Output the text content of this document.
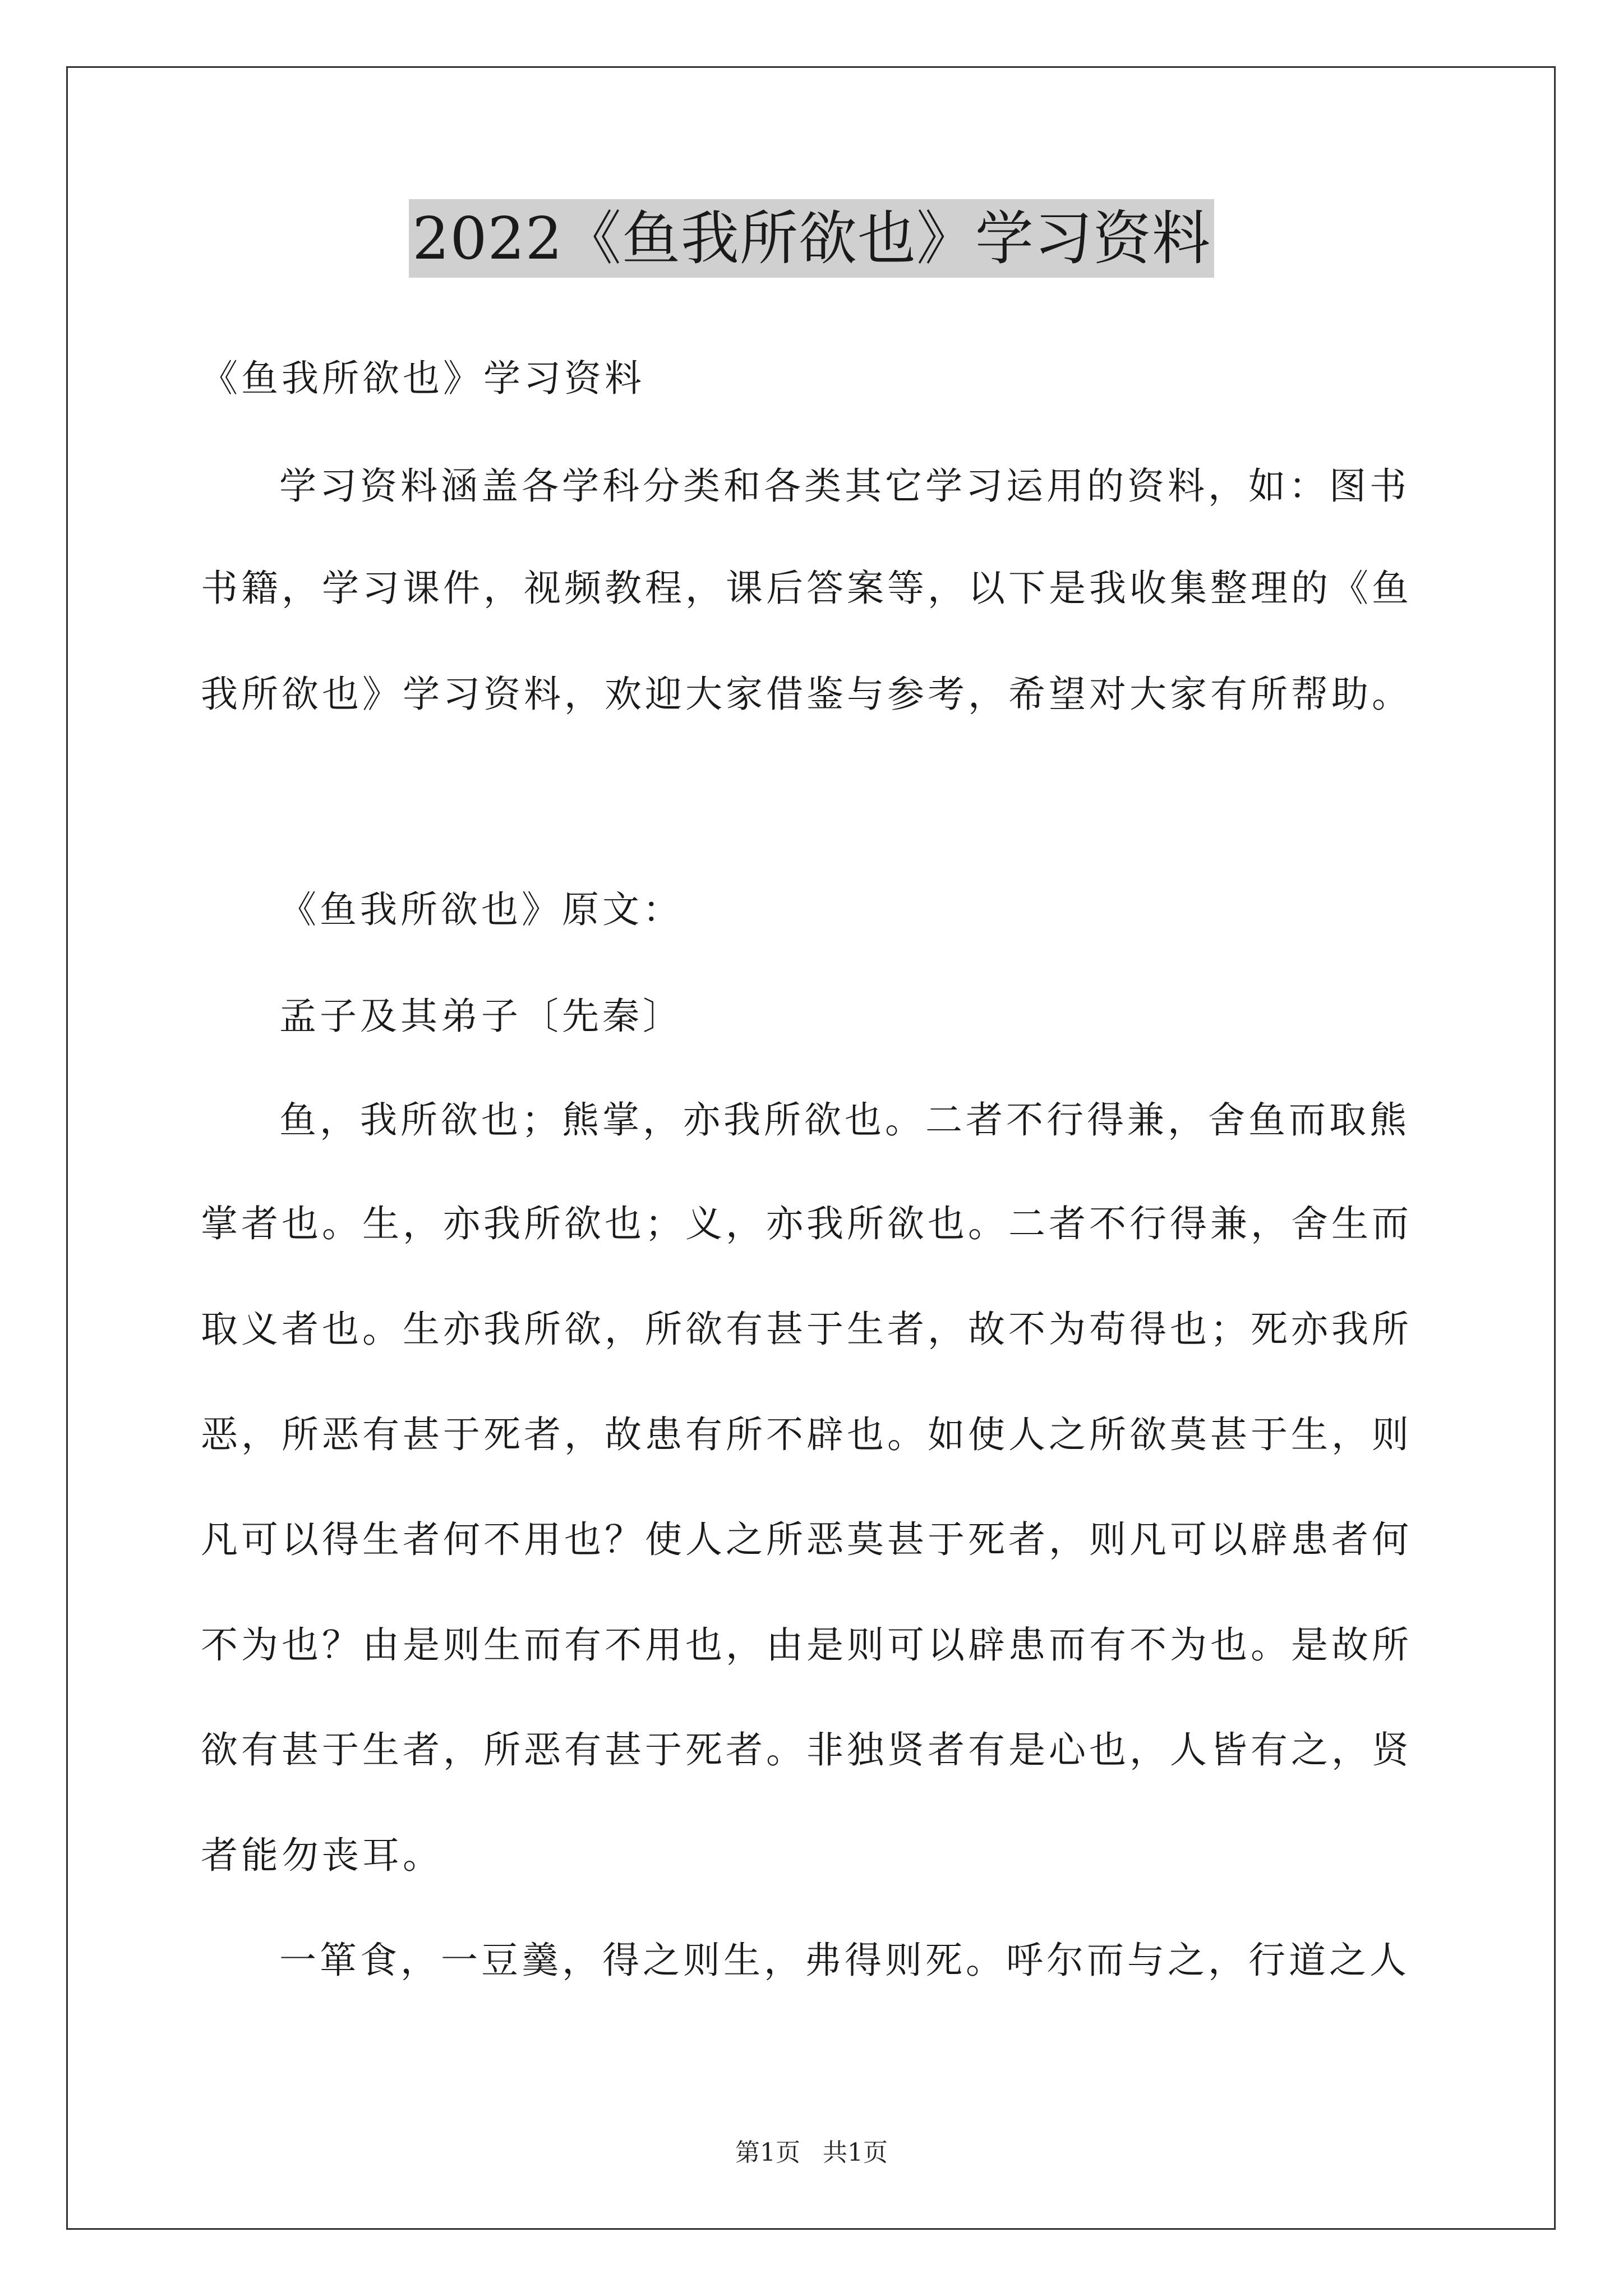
2022《鱼我所欲也》学习资料
《鱼我所欲也》学习资料
学习资料涵盖各学科分类和各类其它学习运用的资料，如：图书
书籍，学习课件，视频教程，课后答案等，以下是我收集整理的《鱼
我所欲也》学习资料，欢迎大家借鉴与参考，希望对大家有所帮助。
《鱼我所欲也》原文：
孟子及其弟子〔先秦〕
鱼，我所欲也；熊掌，亦我所欲也。二者不行得兼，舍鱼而取熊
掌者也。生，亦我所欲也；义，亦我所欲也。二者不行得兼，舍生而
取义者也。生亦我所欲，所欲有甚于生者，故不为苟得也；死亦我所
恶，所恶有甚于死者，故患有所不辟也。如使人之所欲莫甚于生，则
凡可以得生者何不用也？使人之所恶莫甚于死者，则凡可以辟患者何
不为也？由是则生而有不用也，由是则可以辟患而有不为也。是故所
欲有甚于生者，所恶有甚于死者。非独贤者有是心也，人皆有之，贤
者能勿丧耳。
一箪食，一豆羹，得之则生，弗得则死。呼尔而与之，行道之人
第1页 共1页
